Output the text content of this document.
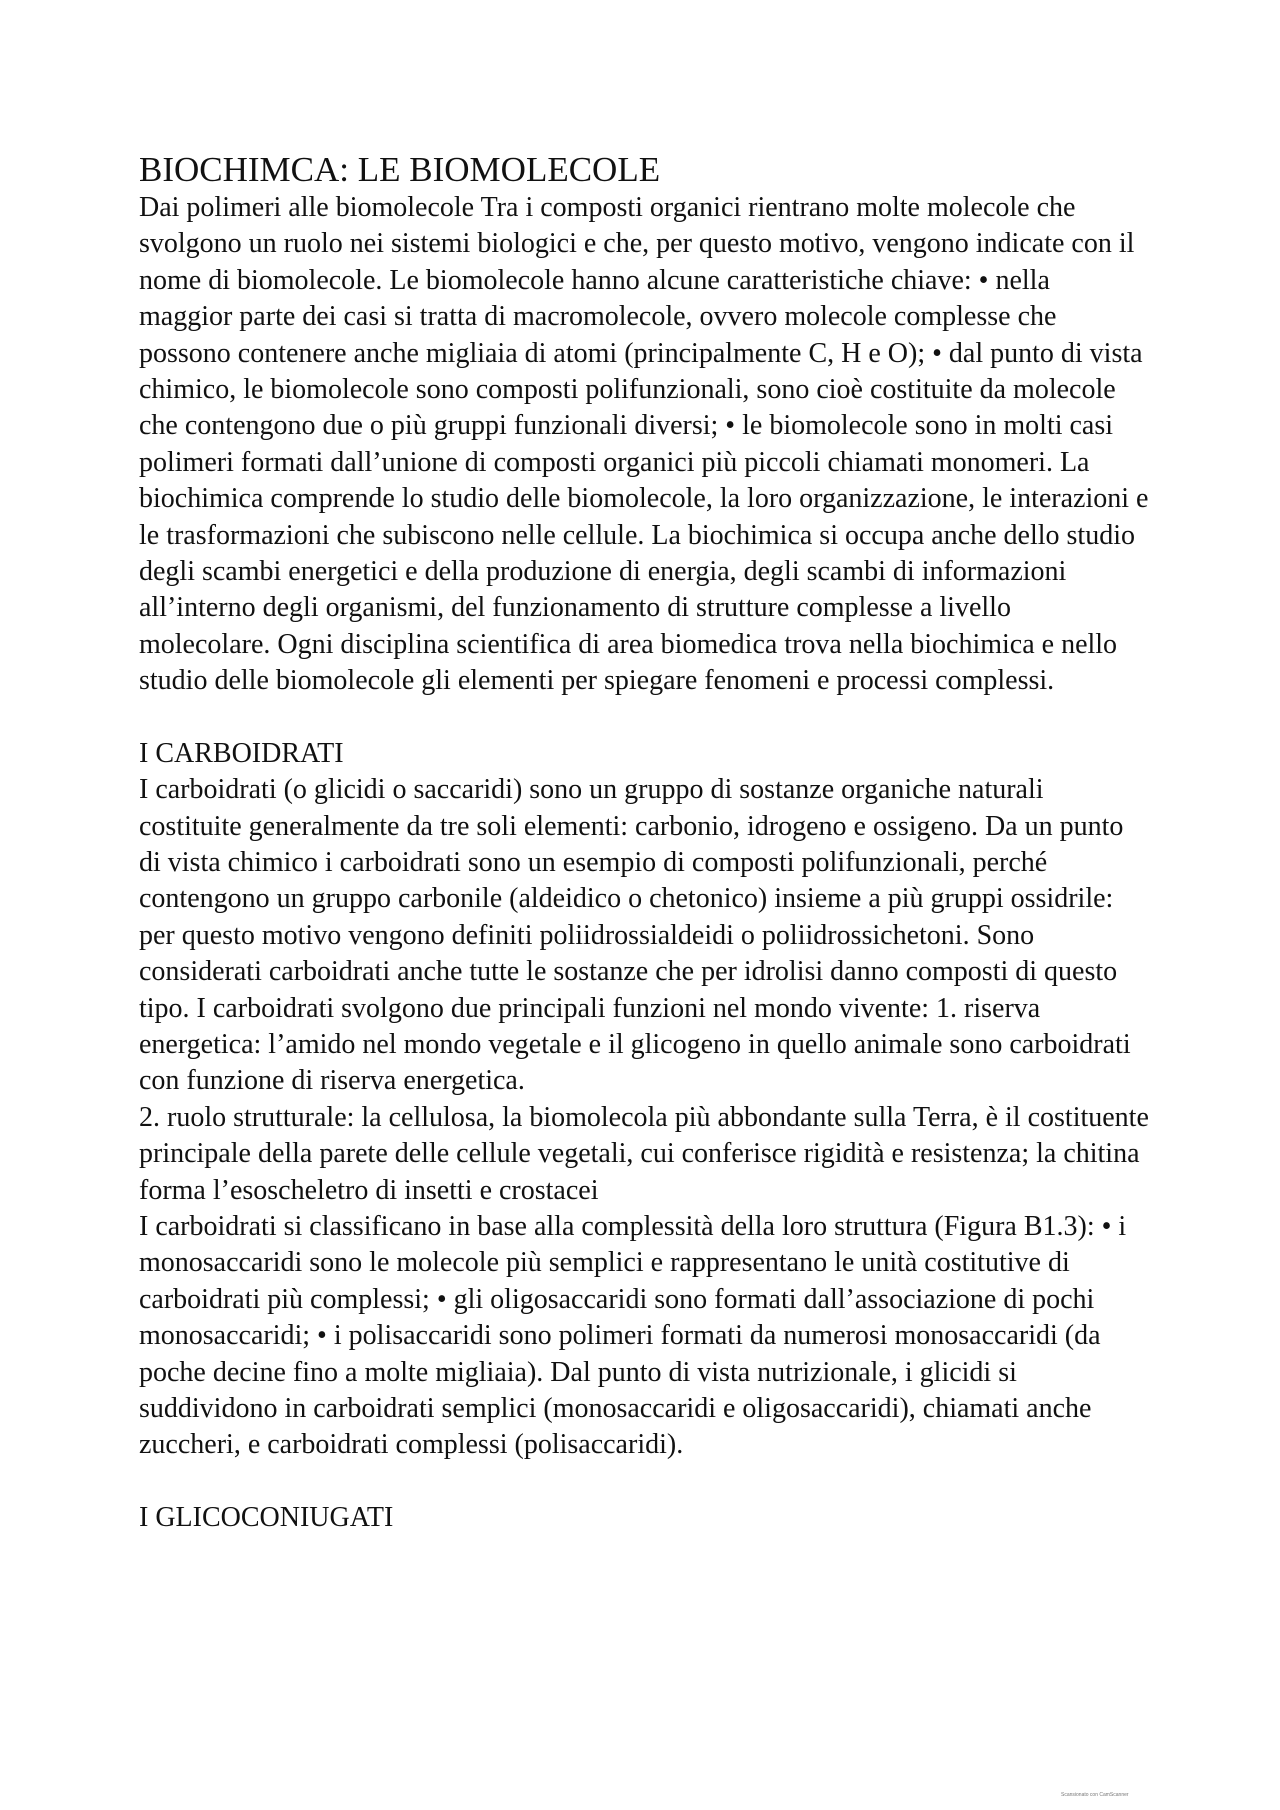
BIOCHIMCA: LE BIOMOLECOLE

Dai polimeri alle biomolecole Tra i composti organici rientrano molte molecole che svolgono un ruolo nei sistemi biologici e che, per questo motivo, vengono indicate con il nome di biomolecole. Le biomolecole hanno alcune caratteristiche chiave: • nella maggior parte dei casi si tratta di macromolecole, ovvero molecole complesse che possono contenere anche migliaia di atomi (principalmente C, H e O); • dal punto di vista chimico, le biomolecole sono composti polifunzionali, sono cioè costituite da molecole che contengono due o più gruppi funzionali diversi; • le biomolecole sono in molti casi polimeri formati dall’unione di composti organici più piccoli chiamati monomeri. La biochimica comprende lo studio delle biomolecole, la loro organizzazione, le interazioni e le trasformazioni che subiscono nelle cellule. La biochimica si occupa anche dello studio degli scambi energetici e della produzione di energia, degli scambi di informazioni all’interno degli organismi, del funzionamento di strutture complesse a livello molecolare. Ogni disciplina scientifica di area biomedica trova nella biochimica e nello studio delle biomolecole gli elementi per spiegare fenomeni e processi complessi.

I CARBOIDRATI

I carboidrati (o glicidi o saccaridi) sono un gruppo di sostanze organiche naturali costituite generalmente da tre soli elementi: carbonio, idrogeno e ossigeno. Da un punto di vista chimico i carboidrati sono un esempio di composti polifunzionali, perché contengono un gruppo carbonile (aldeidico o chetonico) insieme a più gruppi ossidrile: per questo motivo vengono definiti poliidrossialdeidi o poliidrossichetoni. Sono considerati carboidrati anche tutte le sostanze che per idrolisi danno composti di questo tipo. I carboidrati svolgono due principali funzioni nel mondo vivente: 1. riserva energetica: l’amido nel mondo vegetale e il glicogeno in quello animale sono carboidrati con funzione di riserva energetica.

2. ruolo strutturale: la cellulosa, la biomolecola più abbondante sulla Terra, è il costituente principale della parete delle cellule vegetali, cui conferisce rigidità e resistenza; la chitina forma l’esoscheletro di insetti e crostacei

I carboidrati si classificano in base alla complessità della loro struttura (Figura B1.3): • i monosaccaridi sono le molecole più semplici e rappresentano le unità costitutive di carboidrati più complessi; • gli oligosaccaridi sono formati dall’associazione di pochi monosaccaridi; • i polisaccaridi sono polimeri formati da numerosi monosaccaridi (da poche decine fino a molte migliaia). Dal punto di vista nutrizionale, i glicidi si suddividono in carboidrati semplici (monosaccaridi e oligosaccaridi), chiamati anche zuccheri, e carboidrati complessi (polisaccaridi).

I GLICOCONIUGATI
Scansionato con CamScanner
